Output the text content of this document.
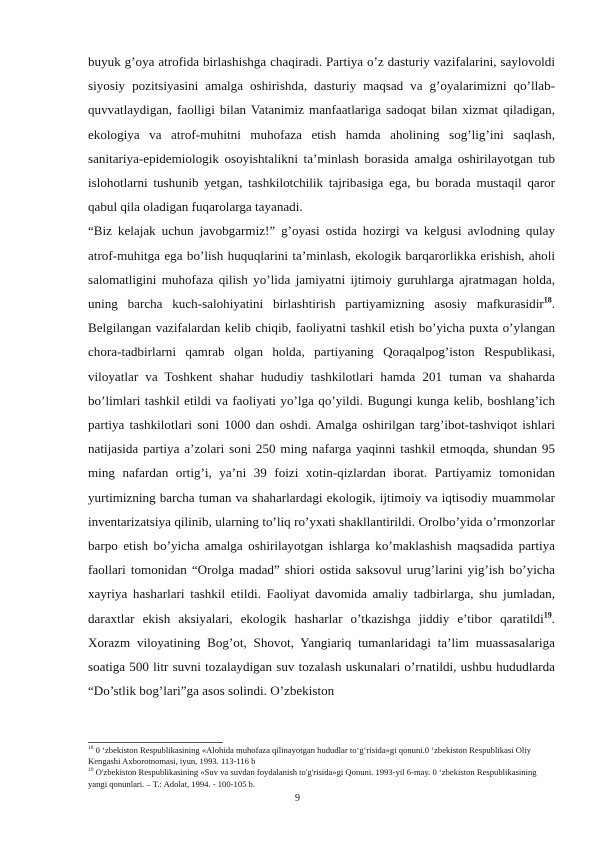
buyuk g’oya atrofida birlashishga chaqiradi. Partiya o’z dasturiy vazifalarini, saylovoldi siyosiy pozitsiyasini amalga oshirishda, dasturiy maqsad va g’oyalarimizni qo’llab-quvvatlaydigan, faolligi bilan Vatanimiz manfaatlariga sadoqat bilan xizmat qiladigan, ekologiya va atrof-muhitni muhofaza etish hamda aholining sog’lig’ini saqlash, sanitariya-epidemiologik osoyishtalikni ta’minlash borasida amalga oshirilayotgan tub islohotlarni tushunib yetgan, tashkilotchilik tajribasiga ega, bu borada mustaqil qaror qabul qila oladigan fuqarolarga tayanadi.

“Biz kelajak uchun javobgarmiz!” g’oyasi ostida hozirgi va kelgusi avlodning qulay atrof-muhitga ega bo’lish huquqlarini ta’minlash, ekologik barqarorlikka erishish, aholi salomatligini muhofaza qilish yo’lida jamiyatni ijtimoiy guruhlarga ajratmagan holda, uning barcha kuch-salohiyatini birlashtirish partiyamizning asosiy mafkurasidir$^{18}$. Belgilangan vazifalardan kelib chiqib, faoliyatni tashkil etish bo’yicha puxta o’ylangan chora-tadbirlarni qamrab olgan holda, partiyaning Qoraqalpog’iston Respublikasi, viloyatlar va Toshkent shahar hududiy tashkilotlari hamda 201 tuman va shaharda bo’limlari tashkil etildi va faoliyati yo’lga qo’yildi. Bugungi kunga kelib, boshlang’ich partiya tashkilotlari soni 1000 dan oshdi. Amalga oshirilgan targ’ibot-tashviqot ishlari natijasida partiya a’zolari soni 250 ming nafarga yaqinni tashkil etmoqda, shundan 95 ming nafardan ortig’i, ya’ni 39 foizi xotin-qizlardan iborat. Partiyamiz tomonidan yurtimizning barcha tuman va shaharlardagi ekologik, ijtimoiy va iqtisodiy muammolar inventarizatsiya qilinib, ularning to’liq ro’yxati shakllantirildi. Orolbo’yida o’rmonzorlar barpo etish bo’yicha amalga oshirilayotgan ishlarga ko’maklashish maqsadida partiya faollari tomonidan “Orolga madad” shiori ostida saksovul urug’larini yig’ish bo’yicha xayriya hasharlari tashkil etildi. Faoliyat davomida amaliy tadbirlarga, shu jumladan, daraxtlar ekish aksiyalari, ekologik hasharlar o’tkazishga jiddiy e’tibor qaratildi$^{19}$. Xorazm viloyatining Bog’ot, Shovot, Yangiariq tumanlaridagi ta’lim muassasalariga soatiga 500 litr suvni tozalaydigan suv tozalash uskunalari o’rnatildi, ushbu hududlarda “Do’stlik bog’lari”ga asos solindi. O’zbekiston

$^{18}$ 0 ‘zbekiston Respublikasining «Alohida muhofaza qilinayotgan hududlar to‘g‘risida»gi qonuni.0 ‘zbekiston Respublikasi Oliy Kengashi Axborotnomasi, iyun, 1993. 113-116 b

$^{19}$ O'zbekiston Respublikasining «Suv va suvdan foydalanish to'g'risida»gi Qonuni. 1993-yil 6-may. 0 ‘zbekiston Respublikasining yangi qonunlari. – T.: Adolat, 1994. - 100-105 b.

9
